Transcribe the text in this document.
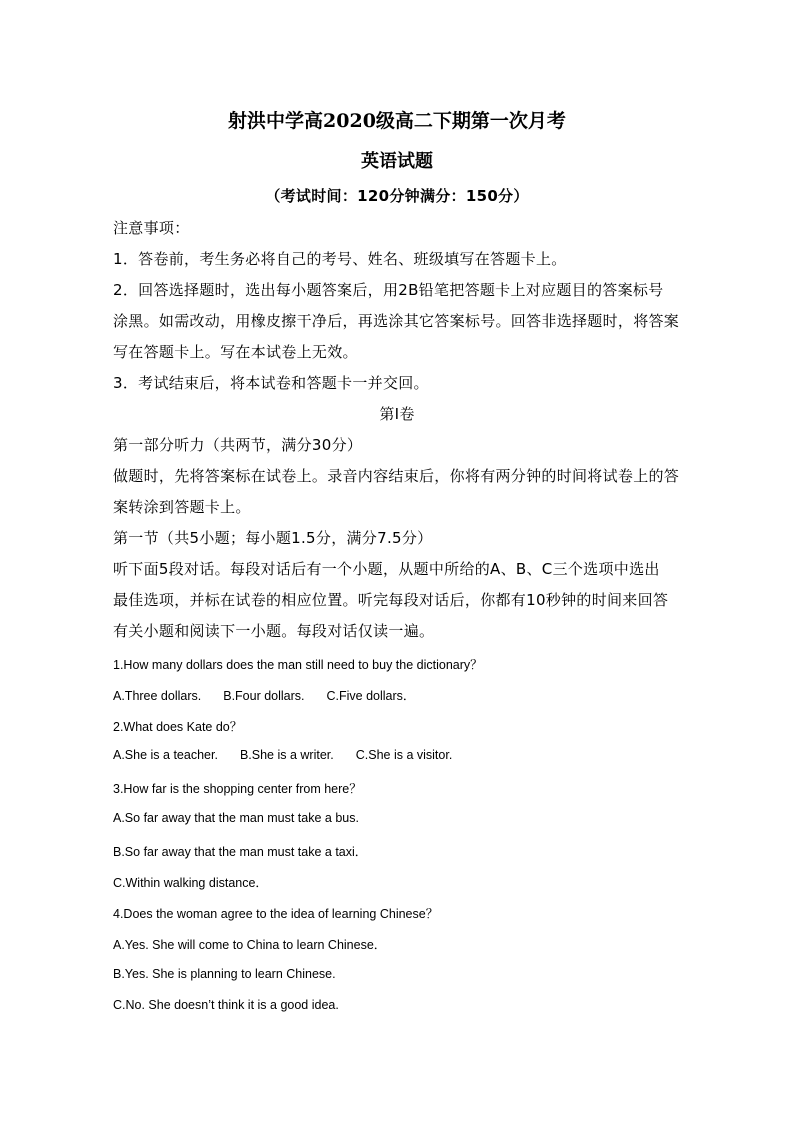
射洪中学高2020级高二下期第一次月考
英语试题
（考试时间：120分钟满分：150分）
注意事项：
1．答卷前，考生务必将自己的考号、姓名、班级填写在答题卡上。
2．回答选择题时，选出每小题答案后，用2B铅笔把答题卡上对应题目的答案标号
涂黑。如需改动，用橡皮擦干净后，再选涂其它答案标号。回答非选择题时，将答案
写在答题卡上。写在本试卷上无效。
3．考试结束后，将本试卷和答题卡一并交回。
第Ⅰ卷
第一部分听力（共两节，满分30分）
做题时，先将答案标在试卷上。录音内容结束后，你将有两分钟的时间将试卷上的答
案转涂到答题卡上。
第一节（共5小题；每小题1.5分，满分7.5分）
听下面5段对话。每段对话后有一个小题，从题中所给的A、B、C三个选项中选出
最佳选项，并标在试卷的相应位置。听完每段对话后，你都有10秒钟的时间来回答
有关小题和阅读下一小题。每段对话仅读一遍。
1.How many dollars does the man still need to buy the dictionary？
A.Three dollars. B.Four dollars. C.Five dollars．
2.What does Kate do？
A.She is a teacher. B.She is a writer. C.She is a visitor.
3.How far is the shopping center from here？
A.So far away that the man must take a bus.
B.So far away that the man must take a taxi．
C.Within walking distance．
4.Does the woman agree to the idea of learning Chinese？
A.Yes. She will come to China to learn Chinese．
B.Yes. She is planning to learn Chinese.
C.No. She doesn’t think it is a good idea.
